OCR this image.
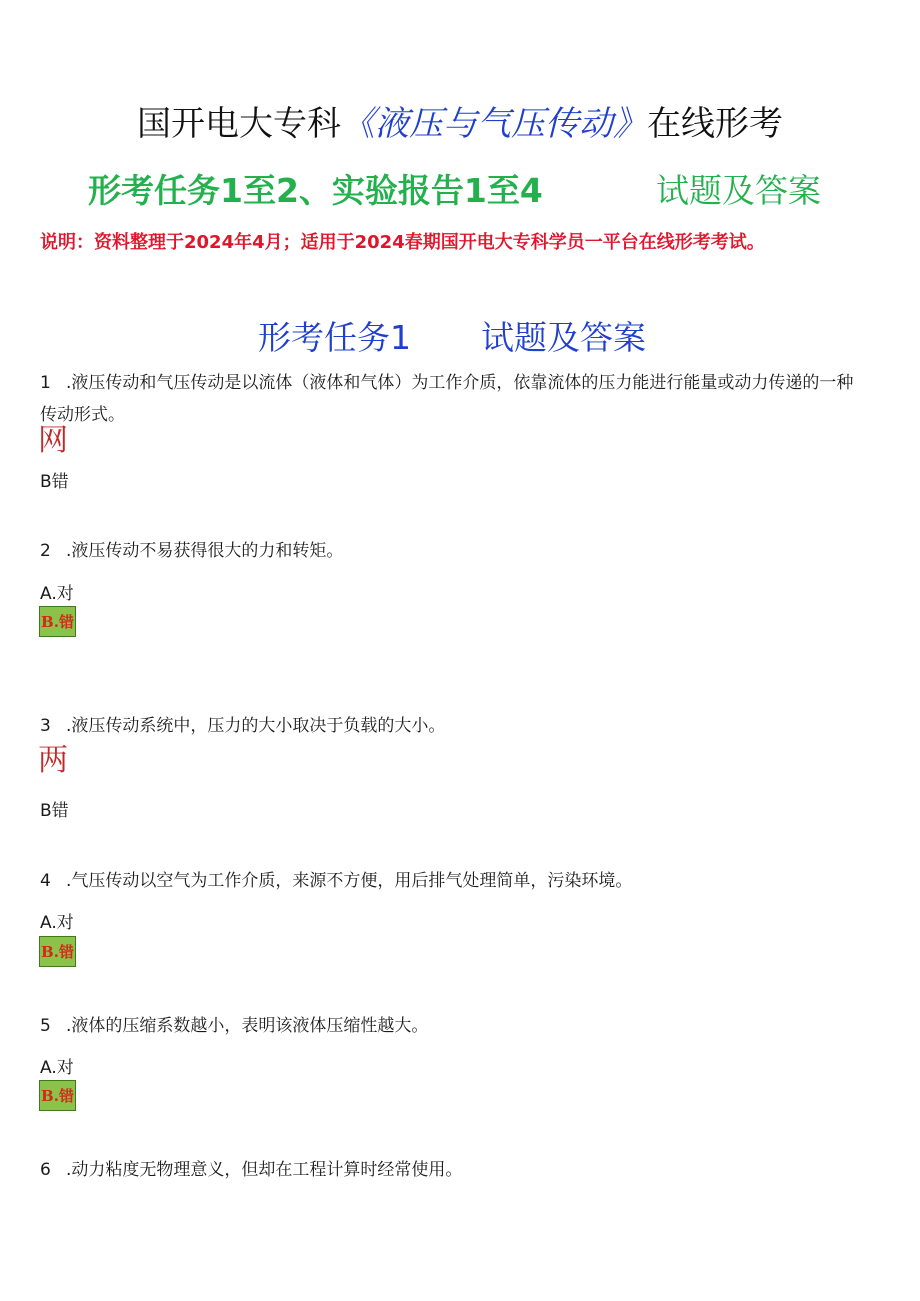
国开电大专科《液压与气压传动》在线形考
形考任务1至2、实验报告1至4	试题及答案
说明：资料整理于2024年4月；适用于2024春期国开电大专科学员一平台在线形考考试。
形考任务1 试题及答案
1 .液压传动和气压传动是以流体（液体和气体）为工作介质，依靠流体的压力能进行能量或动力传递的一种传动形式。
网
B错
2 .液压传动不易获得很大的力和转矩。
A.对
B.错
3 .液压传动系统中，压力的大小取决于负载的大小。
两
B错
4 .气压传动以空气为工作介质，来源不方便，用后排气处理简单，污染环境。
A.对
B.错
5 .液体的压缩系数越小，表明该液体压缩性越大。
A.对
B.错
6 .动力粘度无物理意义，但却在工程计算时经常使用。
